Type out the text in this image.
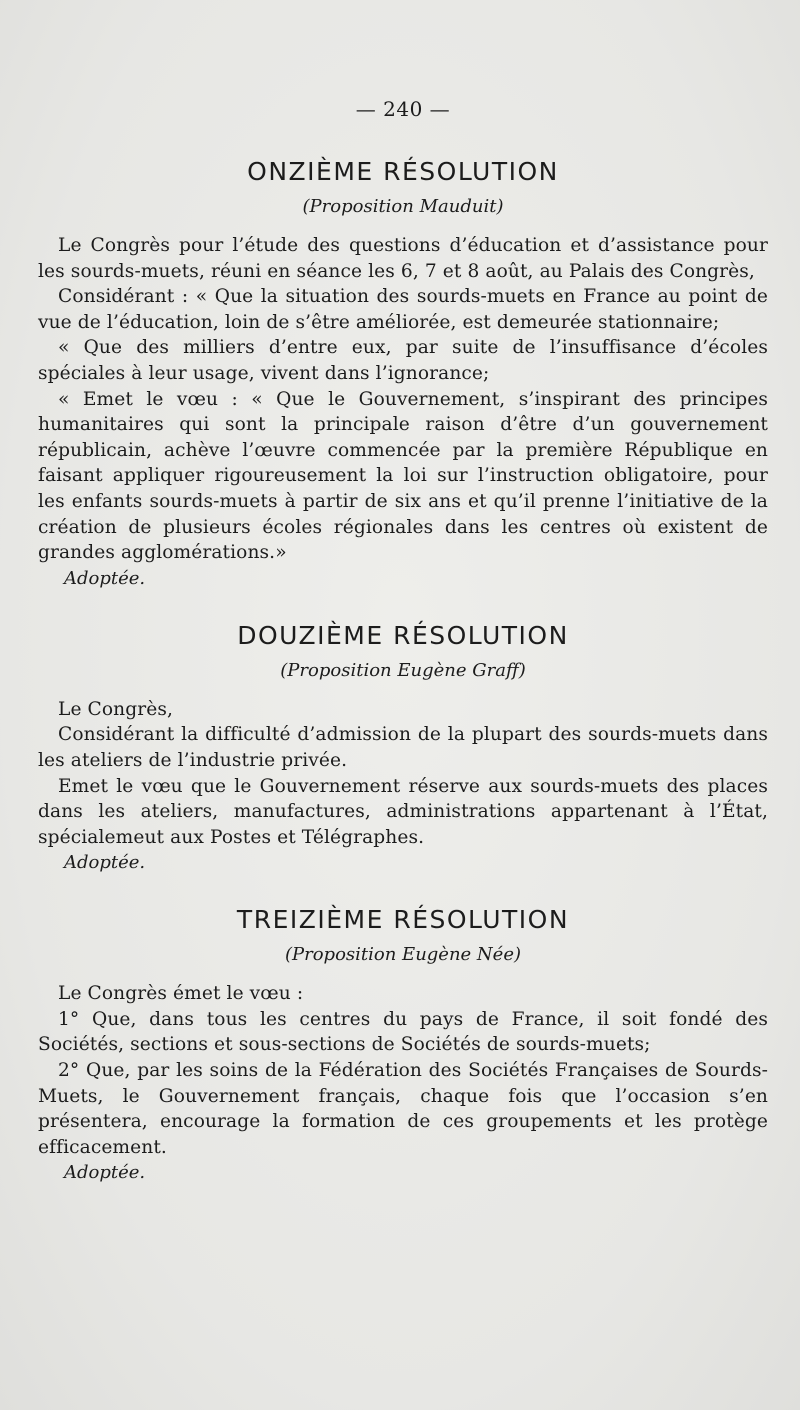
— 240 —
ONZIÈME RÉSOLUTION
(Proposition Mauduit)

Le Congrès pour l’étude des questions d’éducation et d’assistance pour les sourds-muets, réuni en séance les 6, 7 et 8 août, au Palais des Congrès,

Considérant : « Que la situation des sourds-muets en France au point de vue de l’éducation, loin de s’être améliorée, est demeurée stationnaire;

« Que des milliers d’entre eux, par suite de l’insuffisance d’écoles spéciales à leur usage, vivent dans l’ignorance;

« Emet le vœu : « Que le Gouvernement, s’inspirant des principes humanitaires qui sont la principale raison d’être d’un gouvernement républicain, achève l’œuvre commencée par la première République en faisant appliquer rigoureusement la loi sur l’instruction obligatoire, pour les enfants sourds-muets à partir de six ans et qu’il prenne l’initiative de la création de plusieurs écoles régionales dans les centres où existent de grandes agglomérations.»

Adoptée.
DOUZIÈME RÉSOLUTION
(Proposition Eugène Graff)

Le Congrès,

Considérant la difficulté d’admission de la plupart des sourds-muets dans les ateliers de l’industrie privée.

Emet le vœu que le Gouvernement réserve aux sourds-muets des places dans les ateliers, manufactures, administrations appartenant à l’État, spécialemeut aux Postes et Télégraphes.

Adoptée.
TREIZIÈME RÉSOLUTION
(Proposition Eugène Née)

Le Congrès émet le vœu :

1° Que, dans tous les centres du pays de France, il soit fondé des Sociétés, sections et sous-sections de Sociétés de sourds-muets;

2° Que, par les soins de la Fédération des Sociétés Françaises de Sourds-Muets, le Gouvernement français, chaque fois que l’occasion s’en présentera, encourage la formation de ces groupements et les protège efficacement.

Adoptée.
